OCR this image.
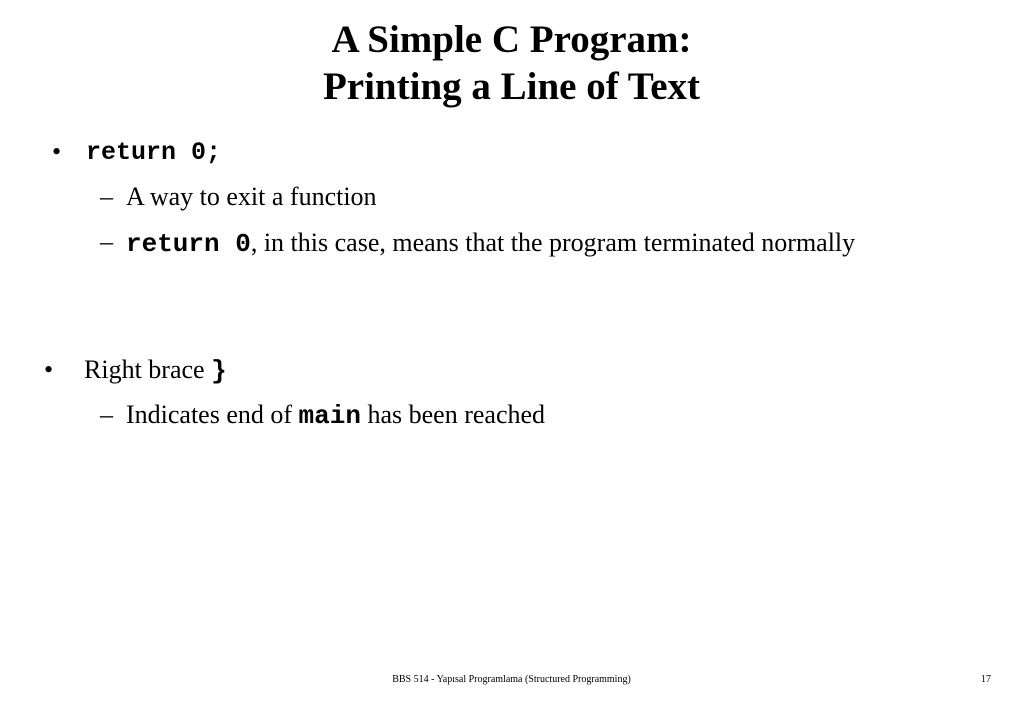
A Simple C Program:
Printing a Line of Text
• return 0;
– A way to exit a function
– return 0, in this case, means that the program terminated normally
• Right brace }
– Indicates end of main has been reached
BBS 514 - Yapısal Programlama (Structured Programming)	17
